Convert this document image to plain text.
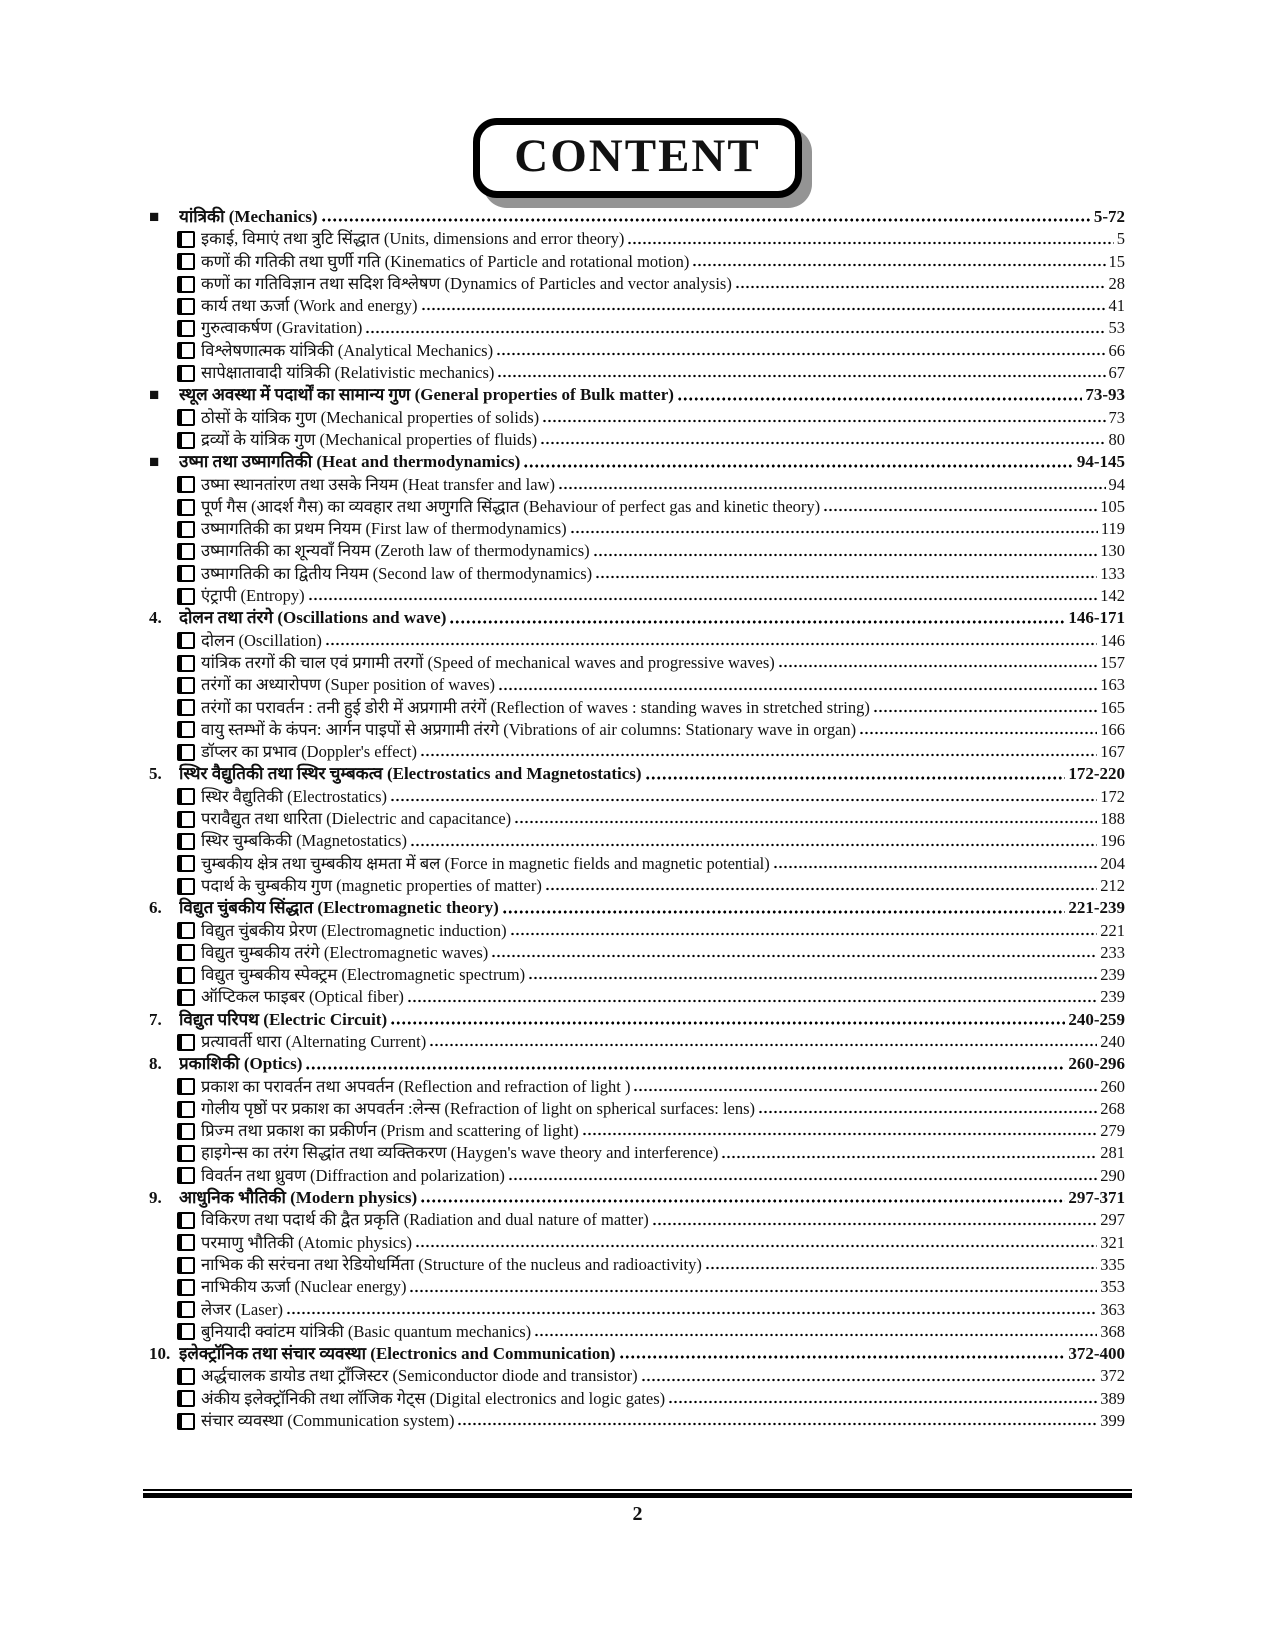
CONTENT
■	यांत्रिकी (Mechanics)	5-72
इकाई, विमाएं तथा त्रुटि सिंद्धात (Units, dimensions and error theory)	5
कणों की गतिकी तथा घुर्णी गति (Kinematics of Particle and rotational motion)	15
कणों का गतिविज्ञान तथा सदिश विश्लेषण (Dynamics of Particles and vector analysis)	28
कार्य तथा ऊर्जा (Work and energy)	41
गुरुत्वाकर्षण (Gravitation)	53
विश्लेषणात्मक यांत्रिकी (Analytical Mechanics)	66
सापेक्षातावादी यांत्रिकी (Relativistic mechanics)	67
■	स्थूल अवस्था में पदार्थों का सामान्य गुण (General properties of Bulk matter)	73-93
ठोसों के यांत्रिक गुण (Mechanical properties of solids)	73
द्रव्यों के यांत्रिक गुण (Mechanical properties of fluids)	80
■	उष्मा तथा उष्मागतिकी (Heat and thermodynamics)	94-145
उष्मा स्थानतांरण तथा उसके नियम (Heat transfer and law)	94
पूर्ण गैस (आदर्श गैस) का व्यवहार तथा अणुगति सिंद्धात (Behaviour of perfect gas and kinetic theory)	105
उष्मागतिकी का प्रथम नियम (First law of thermodynamics)	119
उष्मागतिकी का शून्यवाँ नियम (Zeroth law of thermodynamics)	130
उष्मागतिकी का द्वितीय नियम (Second law of thermodynamics)	133
एंट्रापी (Entropy)	142
4.	दोलन तथा तंरगे (Oscillations and wave)	146-171
दोलन (Oscillation)	146
यांत्रिक तरगों की चाल एवं प्रगामी तरगों (Speed of mechanical waves and progressive waves)	157
तरंगों का अध्यारोपण (Super position of waves)	163
तरंगों का परावर्तन : तनी हुई डोरी में अप्रगामी तरंगें (Reflection of waves : standing waves in stretched string)	165
वायु स्तम्भों के कंपन: आर्गन पाइपों से अप्रगामी तंरगे (Vibrations of air columns: Stationary wave in organ)	166
डॉप्लर का प्रभाव (Doppler's effect)	167
5.	स्थिर वैद्युतिकी तथा स्थिर चुम्बकत्व (Electrostatics and Magnetostatics)	172-220
स्थिर वैद्युतिकी (Electrostatics)	172
परावैद्युत तथा धारिता (Dielectric and capacitance)	188
स्थिर चुम्बकिकी (Magnetostatics)	196
चुम्बकीय क्षेत्र तथा चुम्बकीय क्षमता में बल (Force in magnetic fields and magnetic potential)	204
पदार्थ के चुम्बकीय गुण (magnetic properties of matter)	212
6.	विद्युत चुंबकीय सिंद्धात (Electromagnetic theory)	221-239
विद्युत चुंबकीय प्रेरण (Electromagnetic induction)	221
विद्युत चुम्बकीय तरंगे (Electromagnetic waves)	233
विद्युत चुम्बकीय स्पेक्ट्रम (Electromagnetic spectrum)	239
ऑप्टिकल फाइबर (Optical fiber)	239
7.	विद्युत परिपथ (Electric Circuit)	240-259
प्रत्यावर्ती धारा (Alternating Current)	240
8.	प्रकाशिकी (Optics)	260-296
प्रकाश का परावर्तन तथा अपवर्तन (Reflection and refraction of light )	260
गोलीय पृष्ठों पर प्रकाश का अपवर्तन :लेन्स (Refraction of light on spherical surfaces: lens)	268
प्रिज्म तथा प्रकाश का प्रकीर्णन (Prism and scattering of light)	279
हाइगेन्स का तरंग सिद्धांत तथा व्यक्तिकरण (Haygen's wave theory and interference)	281
विवर्तन तथा ध्रुवण (Diffraction and polarization)	290
9.	आधुनिक भौतिकी (Modern physics)	297-371
विकिरण तथा पदार्थ की द्वैत प्रकृति (Radiation and dual nature of matter)	297
परमाणु भौतिकी (Atomic physics)	321
नाभिक की सरंचना तथा रेडियोधर्मिता (Structure of the nucleus and radioactivity)	335
नाभिकीय ऊर्जा (Nuclear energy)	353
लेजर (Laser)	363
बुनियादी क्वांटम यांत्रिकी (Basic quantum mechanics)	368
10. इलेक्ट्रॉनिक तथा संचार व्यवस्था (Electronics and Communication)	372-400
अर्द्धचालक डायोड तथा ट्राँजिस्टर (Semiconductor diode and transistor)	372
अंकीय इलेक्ट्रॉनिकी तथा लॉजिक गेट्स (Digital electronics and logic gates)	389
संचार व्यवस्था (Communication system)	399
2
